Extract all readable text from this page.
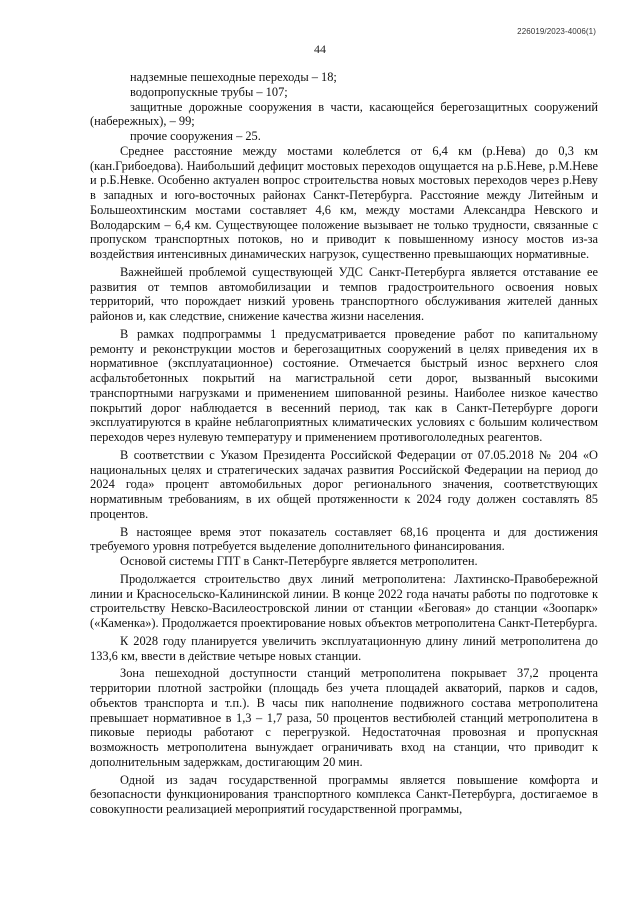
226019/2023-4006(1)
44

надземные пешеходные переходы – 18;

водопропускные трубы – 107;

защитные дорожные сооружения в части, касающейся берегозащитных сооружений (набережных), – 99;

прочие сооружения – 25.

Среднее расстояние между мостами колеблется от 6,4 км (р.Нева) до 0,3 км (кан.Грибоедова). Наибольший дефицит мостовых переходов ощущается на р.Б.Неве, р.М.Неве и р.Б.Невке. Особенно актуален вопрос строительства новых мостовых переходов через р.Неву в западных и юго-восточных районах Санкт-Петербурга. Расстояние между Литейным и Большеохтинским мостами составляет 4,6 км, между мостами Александра Невского и Володарским – 6,4 км. Существующее положение вызывает не только трудности, связанные с пропуском транспортных потоков, но и приводит к повышенному износу мостов из-за воздействия интенсивных динамических нагрузок, существенно превышающих нормативные.

Важнейшей проблемой существующей УДС Санкт-Петербурга является отставание ее развития от темпов автомобилизации и темпов градостроительного освоения новых территорий, что порождает низкий уровень транспортного обслуживания жителей данных районов и, как следствие, снижение качества жизни населения.

В рамках подпрограммы 1 предусматривается проведение работ по капитальному ремонту и реконструкции мостов и берегозащитных сооружений в целях приведения их в нормативное (эксплуатационное) состояние. Отмечается быстрый износ верхнего слоя асфальтобетонных покрытий на магистральной сети дорог, вызванный высокими транспортными нагрузками и применением шипованной резины. Наиболее низкое качество покрытий дорог наблюдается в весенний период, так как в Санкт-Петербурге дороги эксплуатируются в крайне неблагоприятных климатических условиях с большим количеством переходов через нулевую температуру и применением противогололедных реагентов.

В соответствии с Указом Президента Российской Федерации от 07.05.2018 № 204 «О национальных целях и стратегических задачах развития Российской Федерации на период до 2024 года» процент автомобильных дорог регионального значения, соответствующих нормативным требованиям, в их общей протяженности к 2024 году должен составлять 85 процентов.

В настоящее время этот показатель составляет 68,16 процента и для достижения требуемого уровня потребуется выделение дополнительного финансирования.

Основой системы ГПТ в Санкт-Петербурге является метрополитен.

Продолжается строительство двух линий метрополитена: Лахтинско-Правобережной линии и Красносельско-Калининской линии. В конце 2022 года начаты работы по подготовке к строительству Невско-Василеостровской линии от станции «Беговая» до станции «Зоопарк» («Каменка»). Продолжается проектирование новых объектов метрополитена Санкт-Петербурга.

К 2028 году планируется увеличить эксплуатационную длину линий метрополитена до 133,6 км, ввести в действие четыре новых станции.

Зона пешеходной доступности станций метрополитена покрывает 37,2 процента территории плотной застройки (площадь без учета площадей акваторий, парков и садов, объектов транспорта и т.п.). В часы пик наполнение подвижного состава метрополитена превышает нормативное в 1,3 – 1,7 раза, 50 процентов вестибюлей станций метрополитена в пиковые периоды работают с перегрузкой. Недостаточная провозная и пропускная возможность метрополитена вынуждает ограничивать вход на станции, что приводит к дополнительным задержкам, достигающим 20 мин.

Одной из задач государственной программы является повышение комфорта и безопасности функционирования транспортного комплекса Санкт-Петербурга, достигаемое в совокупности реализацией мероприятий государственной программы,
